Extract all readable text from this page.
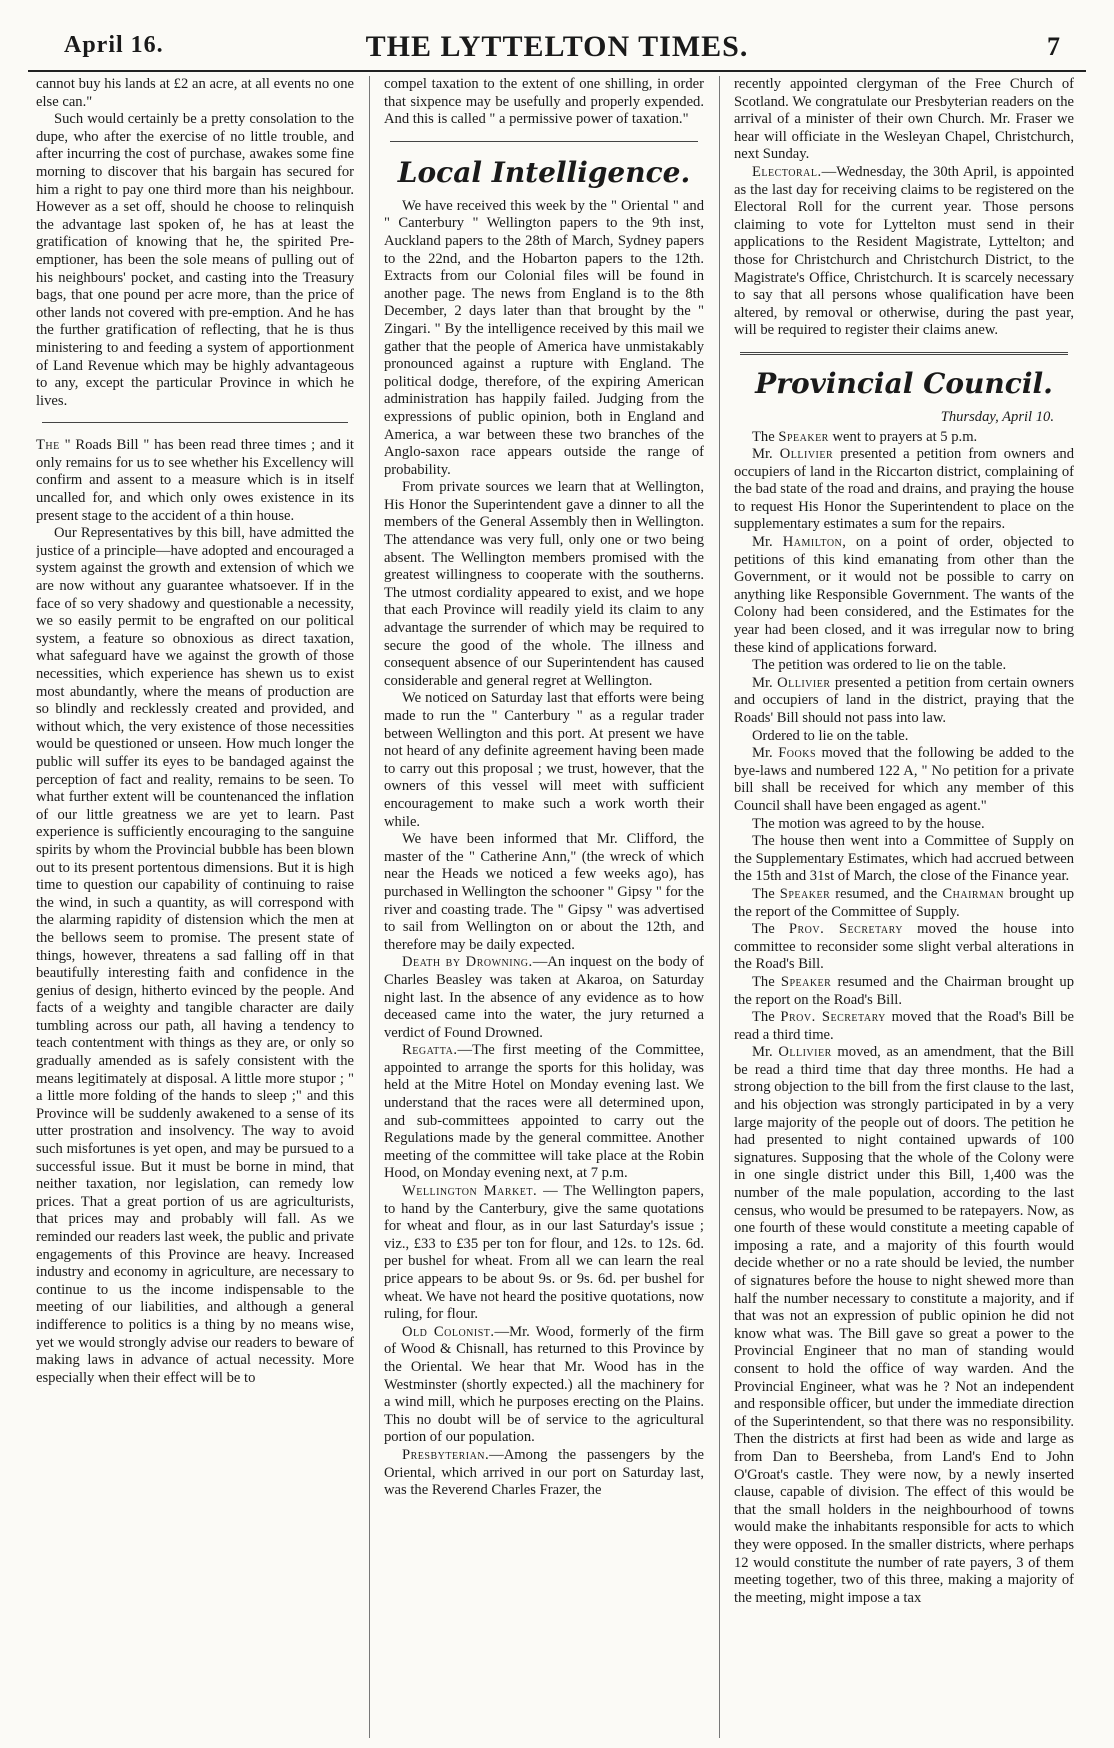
April 16.	THE LYTTELTON TIMES.	7

cannot buy his lands at £2 an acre, at all events no one else can."

Such would certainly be a pretty consolation to the dupe, who after the exercise of no little trouble, and after incurring the cost of purchase, awakes some fine morning to discover that his bargain has secured for him a right to pay one third more than his neighbour. However as a set off, should he choose to relinquish the advantage last spoken of, he has at least the gratification of knowing that he, the spirited Pre-emptioner, has been the sole means of pulling out of his neighbours' pocket, and casting into the Treasury bags, that one pound per acre more, than the price of other lands not covered with pre-emption. And he has the further gratification of reflecting, that he is thus ministering to and feeding a system of apportionment of Land Revenue which may be highly advantageous to any, except the particular Province in which he lives.

The " Roads Bill " has been read three times ; and it only remains for us to see whether his Excellency will confirm and assent to a measure which is in itself uncalled for, and which only owes existence in its present stage to the accident of a thin house.

Our Representatives by this bill, have admitted the justice of a principle—have adopted and encouraged a system against the growth and extension of which we are now without any guarantee whatsoever. If in the face of so very shadowy and questionable a necessity, we so easily permit to be engrafted on our political system, a feature so obnoxious as direct taxation, what safeguard have we against the growth of those necessities, which experience has shewn us to exist most abundantly, where the means of production are so blindly and recklessly created and provided, and without which, the very existence of those necessities would be questioned or unseen. How much longer the public will suffer its eyes to be bandaged against the perception of fact and reality, remains to be seen. To what further extent will be countenanced the inflation of our little greatness we are yet to learn. Past experience is sufficiently encouraging to the sanguine spirits by whom the Provincial bubble has been blown out to its present portentous dimensions. But it is high time to question our capability of continuing to raise the wind, in such a quantity, as will correspond with the alarming rapidity of distension which the men at the bellows seem to promise. The present state of things, however, threatens a sad falling off in that beautifully interesting faith and confidence in the genius of design, hitherto evinced by the people. And facts of a weighty and tangible character are daily tumbling across our path, all having a tendency to teach contentment with things as they are, or only so gradually amended as is safely consistent with the means legitimately at disposal. A little more stupor ; " a little more folding of the hands to sleep ;" and this Province will be suddenly awakened to a sense of its utter prostration and insolvency. The way to avoid such misfortunes is yet open, and may be pursued to a successful issue. But it must be borne in mind, that neither taxation, nor legislation, can remedy low prices. That a great portion of us are agriculturists, that prices may and probably will fall. As we reminded our readers last week, the public and private engagements of this Province are heavy. Increased industry and economy in agriculture, are necessary to continue to us the income indispensable to the meeting of our liabilities, and although a general indifference to politics is a thing by no means wise, yet we would strongly advise our readers to beware of making laws in advance of actual necessity. More especially when their effect will be to

compel taxation to the extent of one shilling, in order that sixpence may be usefully and properly expended. And this is called " a permissive power of taxation."

Local Intelligence.

We have received this week by the " Oriental " and " Canterbury " Wellington papers to the 9th inst, Auckland papers to the 28th of March, Sydney papers to the 22nd, and the Hobarton papers to the 12th. Extracts from our Colonial files will be found in another page. The news from England is to the 8th December, 2 days later than that brought by the " Zingari. " By the intelligence received by this mail we gather that the people of America have unmistakably pronounced against a rupture with England. The political dodge, therefore, of the expiring American administration has happily failed. Judging from the expressions of public opinion, both in England and America, a war between these two branches of the Anglo-saxon race appears outside the range of probability.

From private sources we learn that at Wellington, His Honor the Superintendent gave a dinner to all the members of the General Assembly then in Wellington. The attendance was very full, only one or two being absent. The Wellington members promised with the greatest willingness to cooperate with the southerns. The utmost cordiality appeared to exist, and we hope that each Province will readily yield its claim to any advantage the surrender of which may be required to secure the good of the whole. The illness and consequent absence of our Superintendent has caused considerable and general regret at Wellington.

We noticed on Saturday last that efforts were being made to run the " Canterbury " as a regular trader between Wellington and this port. At present we have not heard of any definite agreement having been made to carry out this proposal ; we trust, however, that the owners of this vessel will meet with sufficient encouragement to make such a work worth their while.

We have been informed that Mr. Clifford, the master of the " Catherine Ann," (the wreck of which near the Heads we noticed a few weeks ago), has purchased in Wellington the schooner " Gipsy " for the river and coasting trade. The " Gipsy " was advertised to sail from Wellington on or about the 12th, and therefore may be daily expected.

Death by Drowning.—An inquest on the body of Charles Beasley was taken at Akaroa, on Saturday night last. In the absence of any evidence as to how deceased came into the water, the jury returned a verdict of Found Drowned.

Regatta.—The first meeting of the Committee, appointed to arrange the sports for this holiday, was held at the Mitre Hotel on Monday evening last. We understand that the races were all determined upon, and sub-committees appointed to carry out the Regulations made by the general committee. Another meeting of the committee will take place at the Robin Hood, on Monday evening next, at 7 p.m.

Wellington Market. — The Wellington papers, to hand by the Canterbury, give the same quotations for wheat and flour, as in our last Saturday's issue ; viz., £33 to £35 per ton for flour, and 12s. to 12s. 6d. per bushel for wheat. From all we can learn the real price appears to be about 9s. or 9s. 6d. per bushel for wheat. We have not heard the positive quotations, now ruling, for flour.

Old Colonist.—Mr. Wood, formerly of the firm of Wood & Chisnall, has returned to this Province by the Oriental. We hear that Mr. Wood has in the Westminster (shortly expected.) all the machinery for a wind mill, which he purposes erecting on the Plains. This no doubt will be of service to the agricultural portion of our population.

Presbyterian.—Among the passengers by the Oriental, which arrived in our port on Saturday last, was the Reverend Charles Frazer, the

recently appointed clergyman of the Free Church of Scotland. We congratulate our Presbyterian readers on the arrival of a minister of their own Church. Mr. Fraser we hear will officiate in the Wesleyan Chapel, Christchurch, next Sunday.

Electoral.—Wednesday, the 30th April, is appointed as the last day for receiving claims to be registered on the Electoral Roll for the current year. Those persons claiming to vote for Lyttelton must send in their applications to the Resident Magistrate, Lyttelton; and those for Christchurch and Christchurch District, to the Magistrate's Office, Christchurch. It is scarcely necessary to say that all persons whose qualification have been altered, by removal or otherwise, during the past year, will be required to register their claims anew.

Provincial Council.
Thursday, April 10.

The Speaker went to prayers at 5 p.m.

Mr. Ollivier presented a petition from owners and occupiers of land in the Riccarton district, complaining of the bad state of the road and drains, and praying the house to request His Honor the Superintendent to place on the supplementary estimates a sum for the repairs.

Mr. Hamilton, on a point of order, objected to petitions of this kind emanating from other than the Government, or it would not be possible to carry on anything like Responsible Government. The wants of the Colony had been considered, and the Estimates for the year had been closed, and it was irregular now to bring these kind of applications forward.

The petition was ordered to lie on the table.

Mr. Ollivier presented a petition from certain owners and occupiers of land in the district, praying that the Roads' Bill should not pass into law.

Ordered to lie on the table.

Mr. Fooks moved that the following be added to the bye-laws and numbered 122 A, " No petition for a private bill shall be received for which any member of this Council shall have been engaged as agent."

The motion was agreed to by the house.

The house then went into a Committee of Supply on the Supplementary Estimates, which had accrued between the 15th and 31st of March, the close of the Finance year.

The Speaker resumed, and the Chairman brought up the report of the Committee of Supply.

The Prov. Secretary moved the house into committee to reconsider some slight verbal alterations in the Road's Bill.

The Speaker resumed and the Chairman brought up the report on the Road's Bill.

The Prov. Secretary moved that the Road's Bill be read a third time.

Mr. Ollivier moved, as an amendment, that the Bill be read a third time that day three months. He had a strong objection to the bill from the first clause to the last, and his objection was strongly participated in by a very large majority of the people out of doors. The petition he had presented to night contained upwards of 100 signatures. Supposing that the whole of the Colony were in one single district under this Bill, 1,400 was the number of the male population, according to the last census, who would be presumed to be ratepayers. Now, as one fourth of these would constitute a meeting capable of imposing a rate, and a majority of this fourth would decide whether or no a rate should be levied, the number of signatures before the house to night shewed more than half the number necessary to constitute a majority, and if that was not an expression of public opinion he did not know what was. The Bill gave so great a power to the Provincial Engineer that no man of standing would consent to hold the office of way warden. And the Provincial Engineer, what was he ? Not an independent and responsible officer, but under the immediate direction of the Superintendent, so that there was no responsibility. Then the districts at first had been as wide and large as from Dan to Beersheba, from Land's End to John O'Groat's castle. They were now, by a newly inserted clause, capable of division. The effect of this would be that the small holders in the neighbourhood of towns would make the inhabitants responsible for acts to which they were opposed. In the smaller districts, where perhaps 12 would constitute the number of rate payers, 3 of them meeting together, two of this three, making a majority of the meeting, might impose a tax
